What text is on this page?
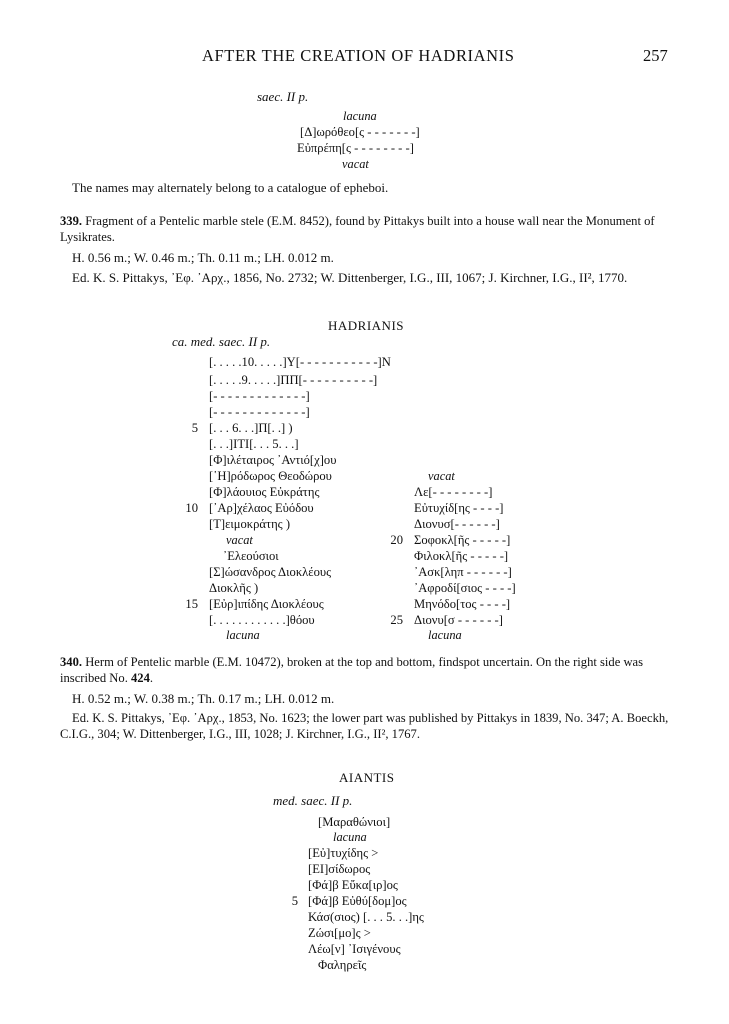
AFTER THE CREATION OF HADRIANIS	257
saec. II p.
lacuna
[Δ]ωρόθεο[ς - - - - - - -]
Εὐπρέπη[ς - - - - - - - -]
vacat
The names may alternately belong to a catalogue of epheboi.
339. Fragment of a Pentelic marble stele (E.M. 8452), found by Pittakys built into a house wall near the Monument of Lysikrates.
H. 0.56 m.; W. 0.46 m.; Th. 0.11 m.; LH. 0.012 m.
Ed. K. S. Pittakys, ᾿Εφ. ᾿Αρχ., 1856, No. 2732; W. Dittenberger, I.G., III, 1067; J. Kirchner, I.G., II², 1770.
HADRIANIS
ca. med. saec. II p.
[. . . . .10. . . . .]Υ[- - - - - - - - - - -]Ν
[. . . . .9. . . . .]ΠΠ[- - - - - - - - - -]
[- - - - - - - - - - - - -]
[- - - - - - - - - - - - -]
[. . . 6. . .]Π[. .] )
[. . .]ΙΤΙ[. . . 5. . .]
[Φ]ιλέταιρος ᾿Αντιό[χ]ου
[῾Η]ρόδωρος Θεοδώρου
[Φ]λάουιος Εὐκράτης
[᾿Αρ]χέλαος Εὐόδου
[Τ]ειμοκράτης )
vacat
᾿Ελεούσιοι
[Σ]ώσανδρος Διοκλέους
Διοκλῆς )
[Εὐρ]ιπίδης Διοκλέους
[. . . . . . . . . . . .]θόου
lacuna
5
10
15
20
25
vacat
Λε[- - - - - - - -]
Εὐτυχίδ[ης - - - -]
Διονυσ[- - - - - -]
Σοφοκλ[ῆς - - - - -]
Φιλοκλ[ῆς - - - - -]
᾿Ασκ[ληπ - - - - - -]
᾿Αφροδί[σιος - - - -]
Μηνόδο[τος - - - -]
Διονυ[σ - - - - - -]
lacuna
340. Herm of Pentelic marble (E.M. 10472), broken at the top and bottom, findspot uncertain. On the right side was inscribed No. 424.
H. 0.52 m.; W. 0.38 m.; Th. 0.17 m.; LH. 0.012 m.
Ed. K. S. Pittakys, ᾿Εφ. ᾿Αρχ., 1853, No. 1623; the lower part was published by Pittakys in 1839, No. 347; A. Boeckh, C.I.G., 304; W. Dittenberger, I.G., III, 1028; J. Kirchner, I.G., II², 1767.
AIANTIS
med. saec. II p.
[Μαραθώνιοι]
lacuna
[Εὐ]τυχίδης >
[ΕΙ]σίδωρος
[Φά]β Εὔκα[ιρ]ος
[Φά]β Εὐθύ[δομ]ος
Κάσ(σιος) [. . . 5. . .]ης
Ζώσι[μο]ς >
Λέω[ν] ᾿Ισιγένους
Φαληρεῖς
5
